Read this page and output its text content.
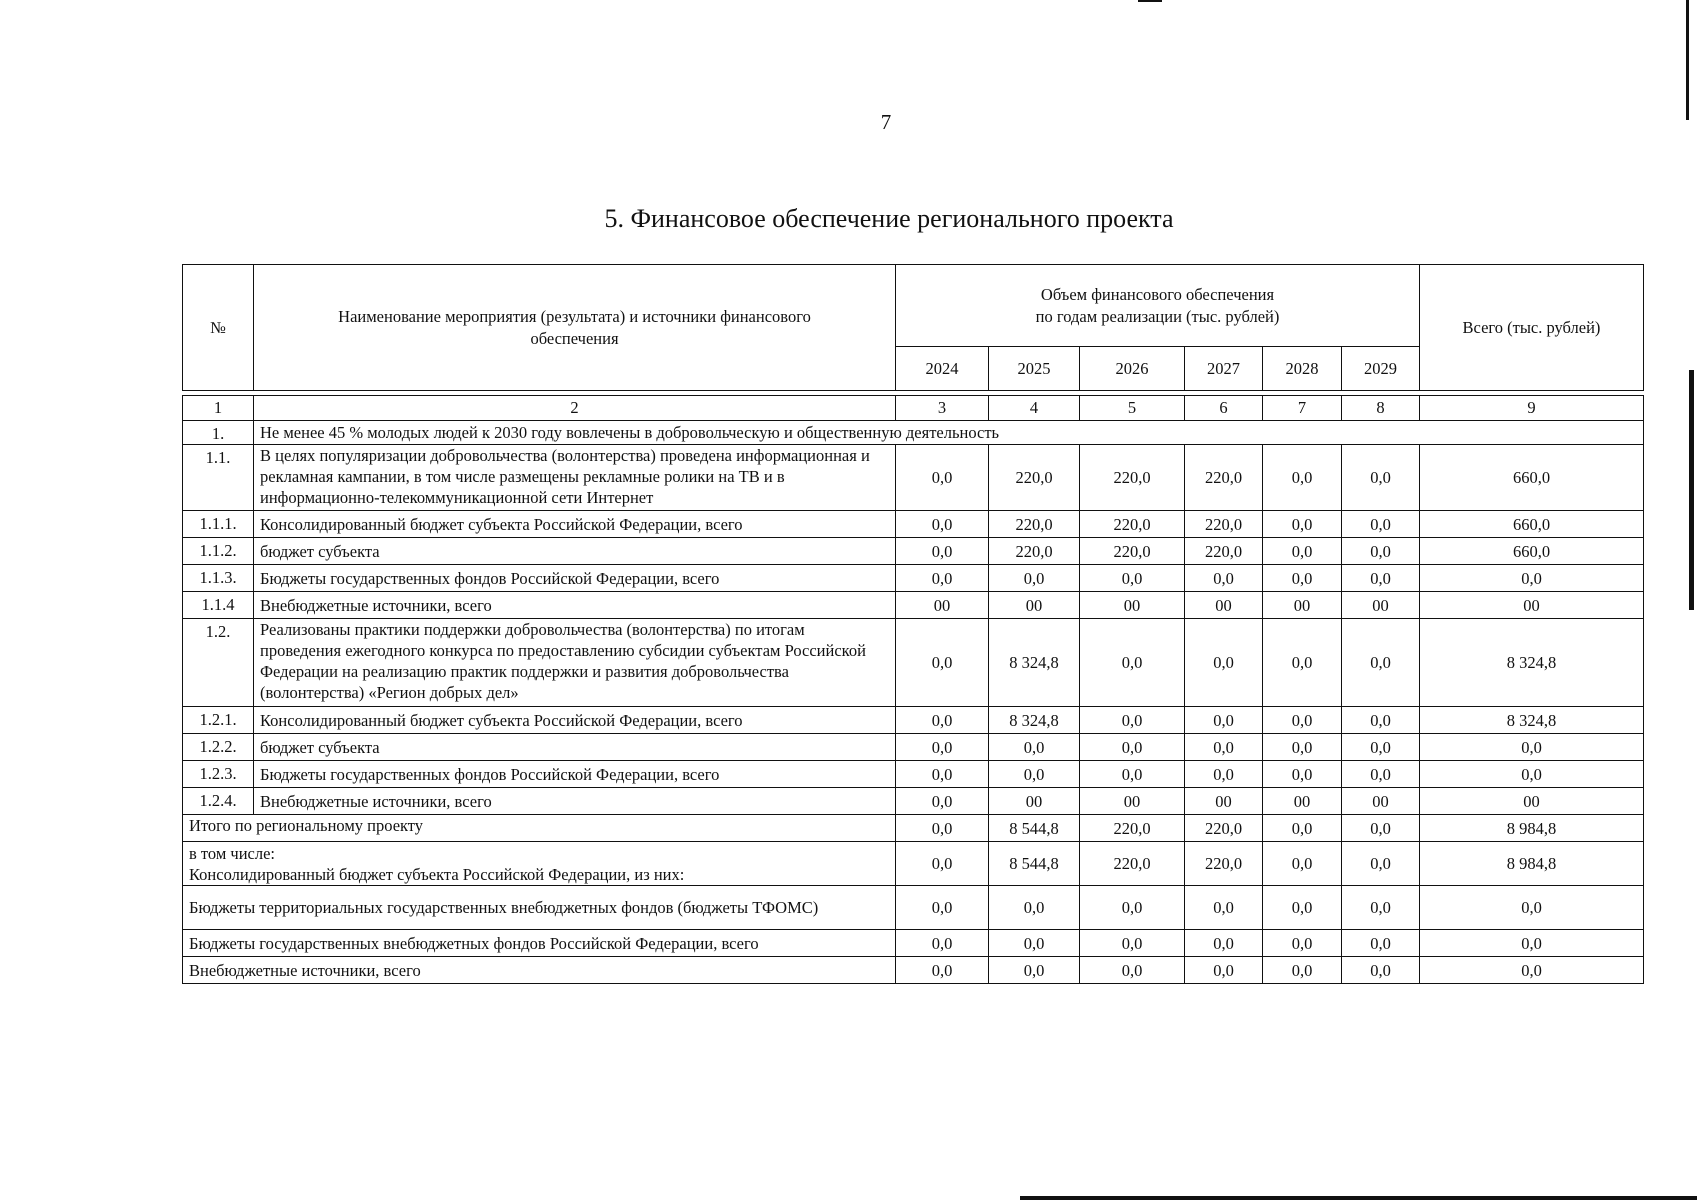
7
5. Финансовое обеспечение регионального проекта
№	Наименование мероприятия (результата) и источники финансового обеспечения	Объем финансового обеспечения
по годам реализации (тыс. рублей)						Всего (тыс. рублей)
		2024	2025	2026	2027	2028	2029	

1	2	3	4	5	6	7	8	9
1.	Не менее 45 % молодых людей к 2030 году вовлечены в добровольческую и общественную деятельность							
1.1.	В целях популяризации добровольчества (волонтерства) проведена информационная и рекламная кампании, в том числе размещены рекламные ролики на ТВ и в информационно-телекоммуникационной сети Интернет	0,0	220,0	220,0	220,0	0,0	0,0	660,0
1.1.1.	Консолидированный бюджет субъекта Российской Федерации, всего	0,0	220,0	220,0	220,0	0,0	0,0	660,0
1.1.2.	бюджет субъекта	0,0	220,0	220,0	220,0	0,0	0,0	660,0
1.1.3.	Бюджеты государственных фондов Российской Федерации, всего	0,0	0,0	0,0	0,0	0,0	0,0	0,0
1.1.4	Внебюджетные источники, всего	00	00	00	00	00	00	00
1.2.	Реализованы практики поддержки добровольчества (волонтерства) по итогам проведения ежегодного конкурса по предоставлению субсидии субъектам Российской Федерации на реализацию практик поддержки и развития добровольчества (волонтерства) «Регион добрых дел»	0,0	8 324,8	0,0	0,0	0,0	0,0	8 324,8
1.2.1.	Консолидированный бюджет субъекта Российской Федерации, всего	0,0	8 324,8	0,0	0,0	0,0	0,0	8 324,8
1.2.2.	бюджет субъекта	0,0	0,0	0,0	0,0	0,0	0,0	0,0
1.2.3.	Бюджеты государственных фондов Российской Федерации, всего	0,0	0,0	0,0	0,0	0,0	0,0	0,0
1.2.4.	Внебюджетные источники, всего	0,0	00	00	00	00	00	00
Итого по региональному проекту		0,0	8 544,8	220,0	220,0	0,0	0,0	8 984,8

в том числе:
Консолидированный бюджет субъекта Российской Федерации, из них:		0,0	8 544,8	220,0	220,0	0,0	0,0	8 984,8
Бюджеты территориальных государственных внебюджетных фондов (бюджеты ТФОМС)		0,0	0,0	0,0	0,0	0,0	0,0	0,0
Бюджеты государственных внебюджетных фондов Российской Федерации, всего		0,0	0,0	0,0	0,0	0,0	0,0	0,0
Внебюджетные источники, всего		0,0	0,0	0,0	0,0	0,0	0,0	0,0
